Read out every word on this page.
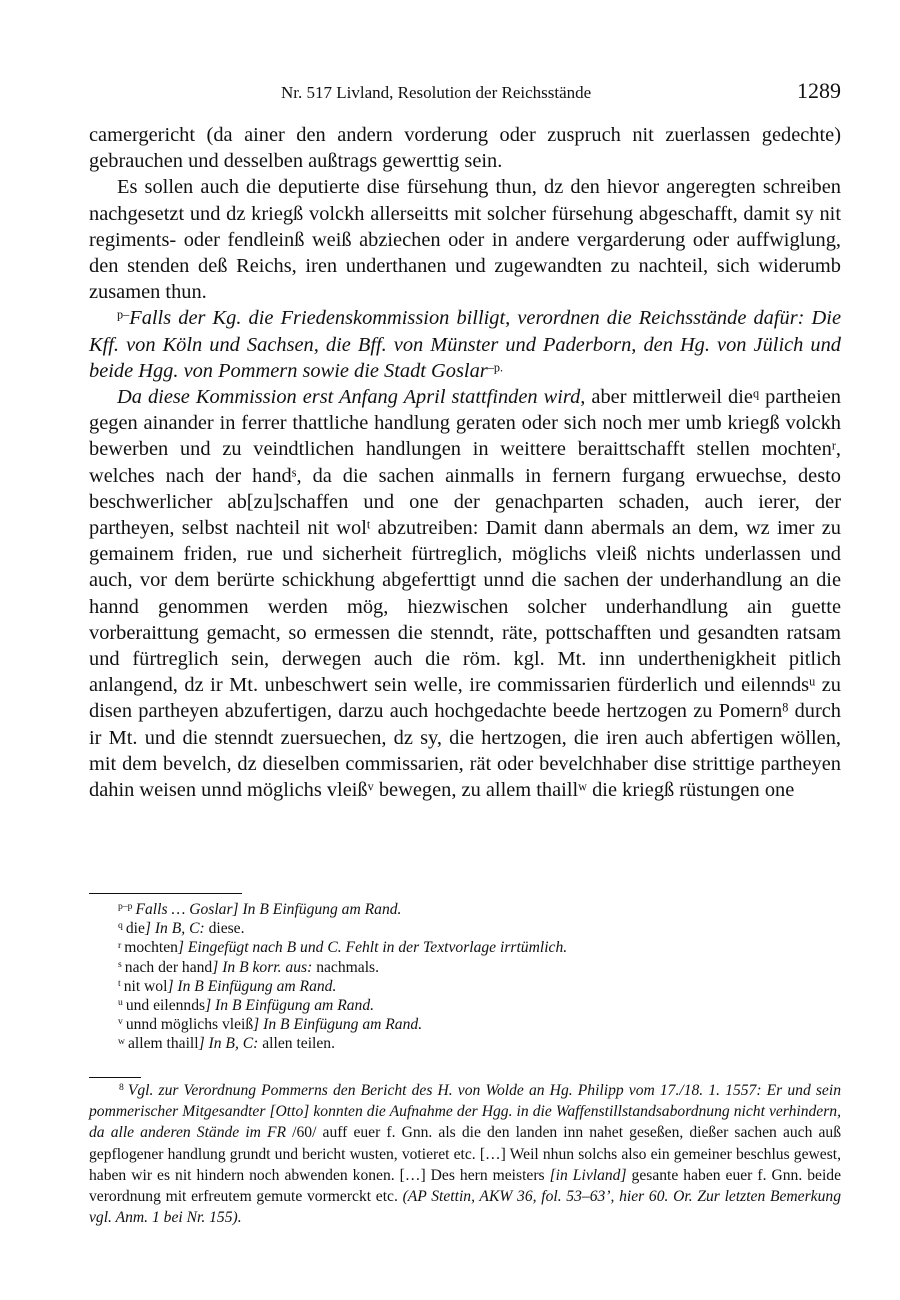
Nr. 517 Livland, Resolution der Reichsstände	1289

camergericht (da ainer den andern vorderung oder zuspruch nit zuerlassen gedechte) gebrauchen und desselben außtrags gewerttig sein.

Es sollen auch die deputierte dise fürsehung thun, dz den hievor angeregten schreiben nachgesetzt und dz kriegß volckh allerseitts mit solcher fürsehung abgeschafft, damit sy nit regiments- oder fendleinß weiß abziechen oder in andere vergarderung oder auffwiglung, den stenden deß Reichs, iren underthanen und zugewandten zu nachteil, sich widerumb zusamen thun.

$^{p-}$Falls der Kg. die Friedenskommission billigt, verordnen die Reichsstände dafür: Die Kff. von Köln und Sachsen, die Bff. von Münster und Paderborn, den Hg. von Jülich und beide Hgg. von Pommern sowie die Stadt Goslar$^{-p.}$

Da diese Kommission erst Anfang April stattfinden wird, aber mittlerweil die$^q$ partheien gegen ainander in ferrer thattliche handlung geraten oder sich noch mer umb kriegß volckh bewerben und zu veindtlichen handlungen in weittere beraittschafft stellen mochten$^r$, welches nach der hand$^s$, da die sachen ainmalls in fernern furgang erwuechse, desto beschwerlicher ab[zu]schaffen und one der genachparten schaden, auch ierer, der partheyen, selbst nachteil nit wol$^t$ abzutreiben: Damit dann abermals an dem, wz imer zu gemainem friden, rue und sicherheit fürtreglich, möglichs vleiß nichts underlassen und auch, vor dem berürte schickhung abgeferttigt unnd die sachen der underhandlung an die hannd genommen werden mög, hiezwischen solcher underhandlung ain guette vorberaittung gemacht, so ermessen die stenndt, räte, pottschafften und gesandten ratsam und fürtreglich sein, derwegen auch die röm. kgl. Mt. inn underthenigkheit pitlich anlangend, dz ir Mt. unbeschwert sein welle, ire commissarien fürderlich und eilennds$^u$ zu disen partheyen abzufertigen, darzu auch hochgedachte beede hertzogen zu Pomern$^8$ durch ir Mt. und die stenndt zuersuechen, dz sy, die hertzogen, die iren auch abfertigen wöllen, mit dem bevelch, dz dieselben commissarien, rät oder bevelchhaber dise strittige partheyen dahin weisen unnd möglichs vleiß$^v$ bewegen, zu allem thaill$^w$ die kriegß rüstungen one

$^{p-p}$ Falls … Goslar] In B Einfügung am Rand.
$^q$ die] In B, C: diese.
$^r$ mochten] Eingefügt nach B und C. Fehlt in der Textvorlage irrtümlich.
$^s$ nach der hand] In B korr. aus: nachmals.
$^t$ nit wol] In B Einfügung am Rand.
$^u$ und eilennds] In B Einfügung am Rand.
$^v$ unnd möglichs vleiß] In B Einfügung am Rand.
$^w$ allem thaill] In B, C: allen teilen.

$^8$ Vgl. zur Verordnung Pommerns den Bericht des H. von Wolde an Hg. Philipp vom 17./18. 1. 1557: Er und sein pommerischer Mitgesandter [Otto] konnten die Aufnahme der Hgg. in die Waffenstillstandsabordnung nicht verhindern, da alle anderen Stände im FR /60/ auff euer f. Gnn. als die den landen inn nahet geseßen, dießer sachen auch auß gepflogener handlung grundt und bericht wusten, votieret etc. […] Weil nhun solchs also ein gemeiner beschlus gewest, haben wir es nit hindern noch abwenden konen. […] Des hern meisters [in Livland] gesante haben euer f. Gnn. beide verordnung mit erfreutem gemute vormerckt etc. (AP Stettin, AKW 36, fol. 53–63’, hier 60. Or. Zur letzten Bemerkung vgl. Anm. 1 bei Nr. 155).
